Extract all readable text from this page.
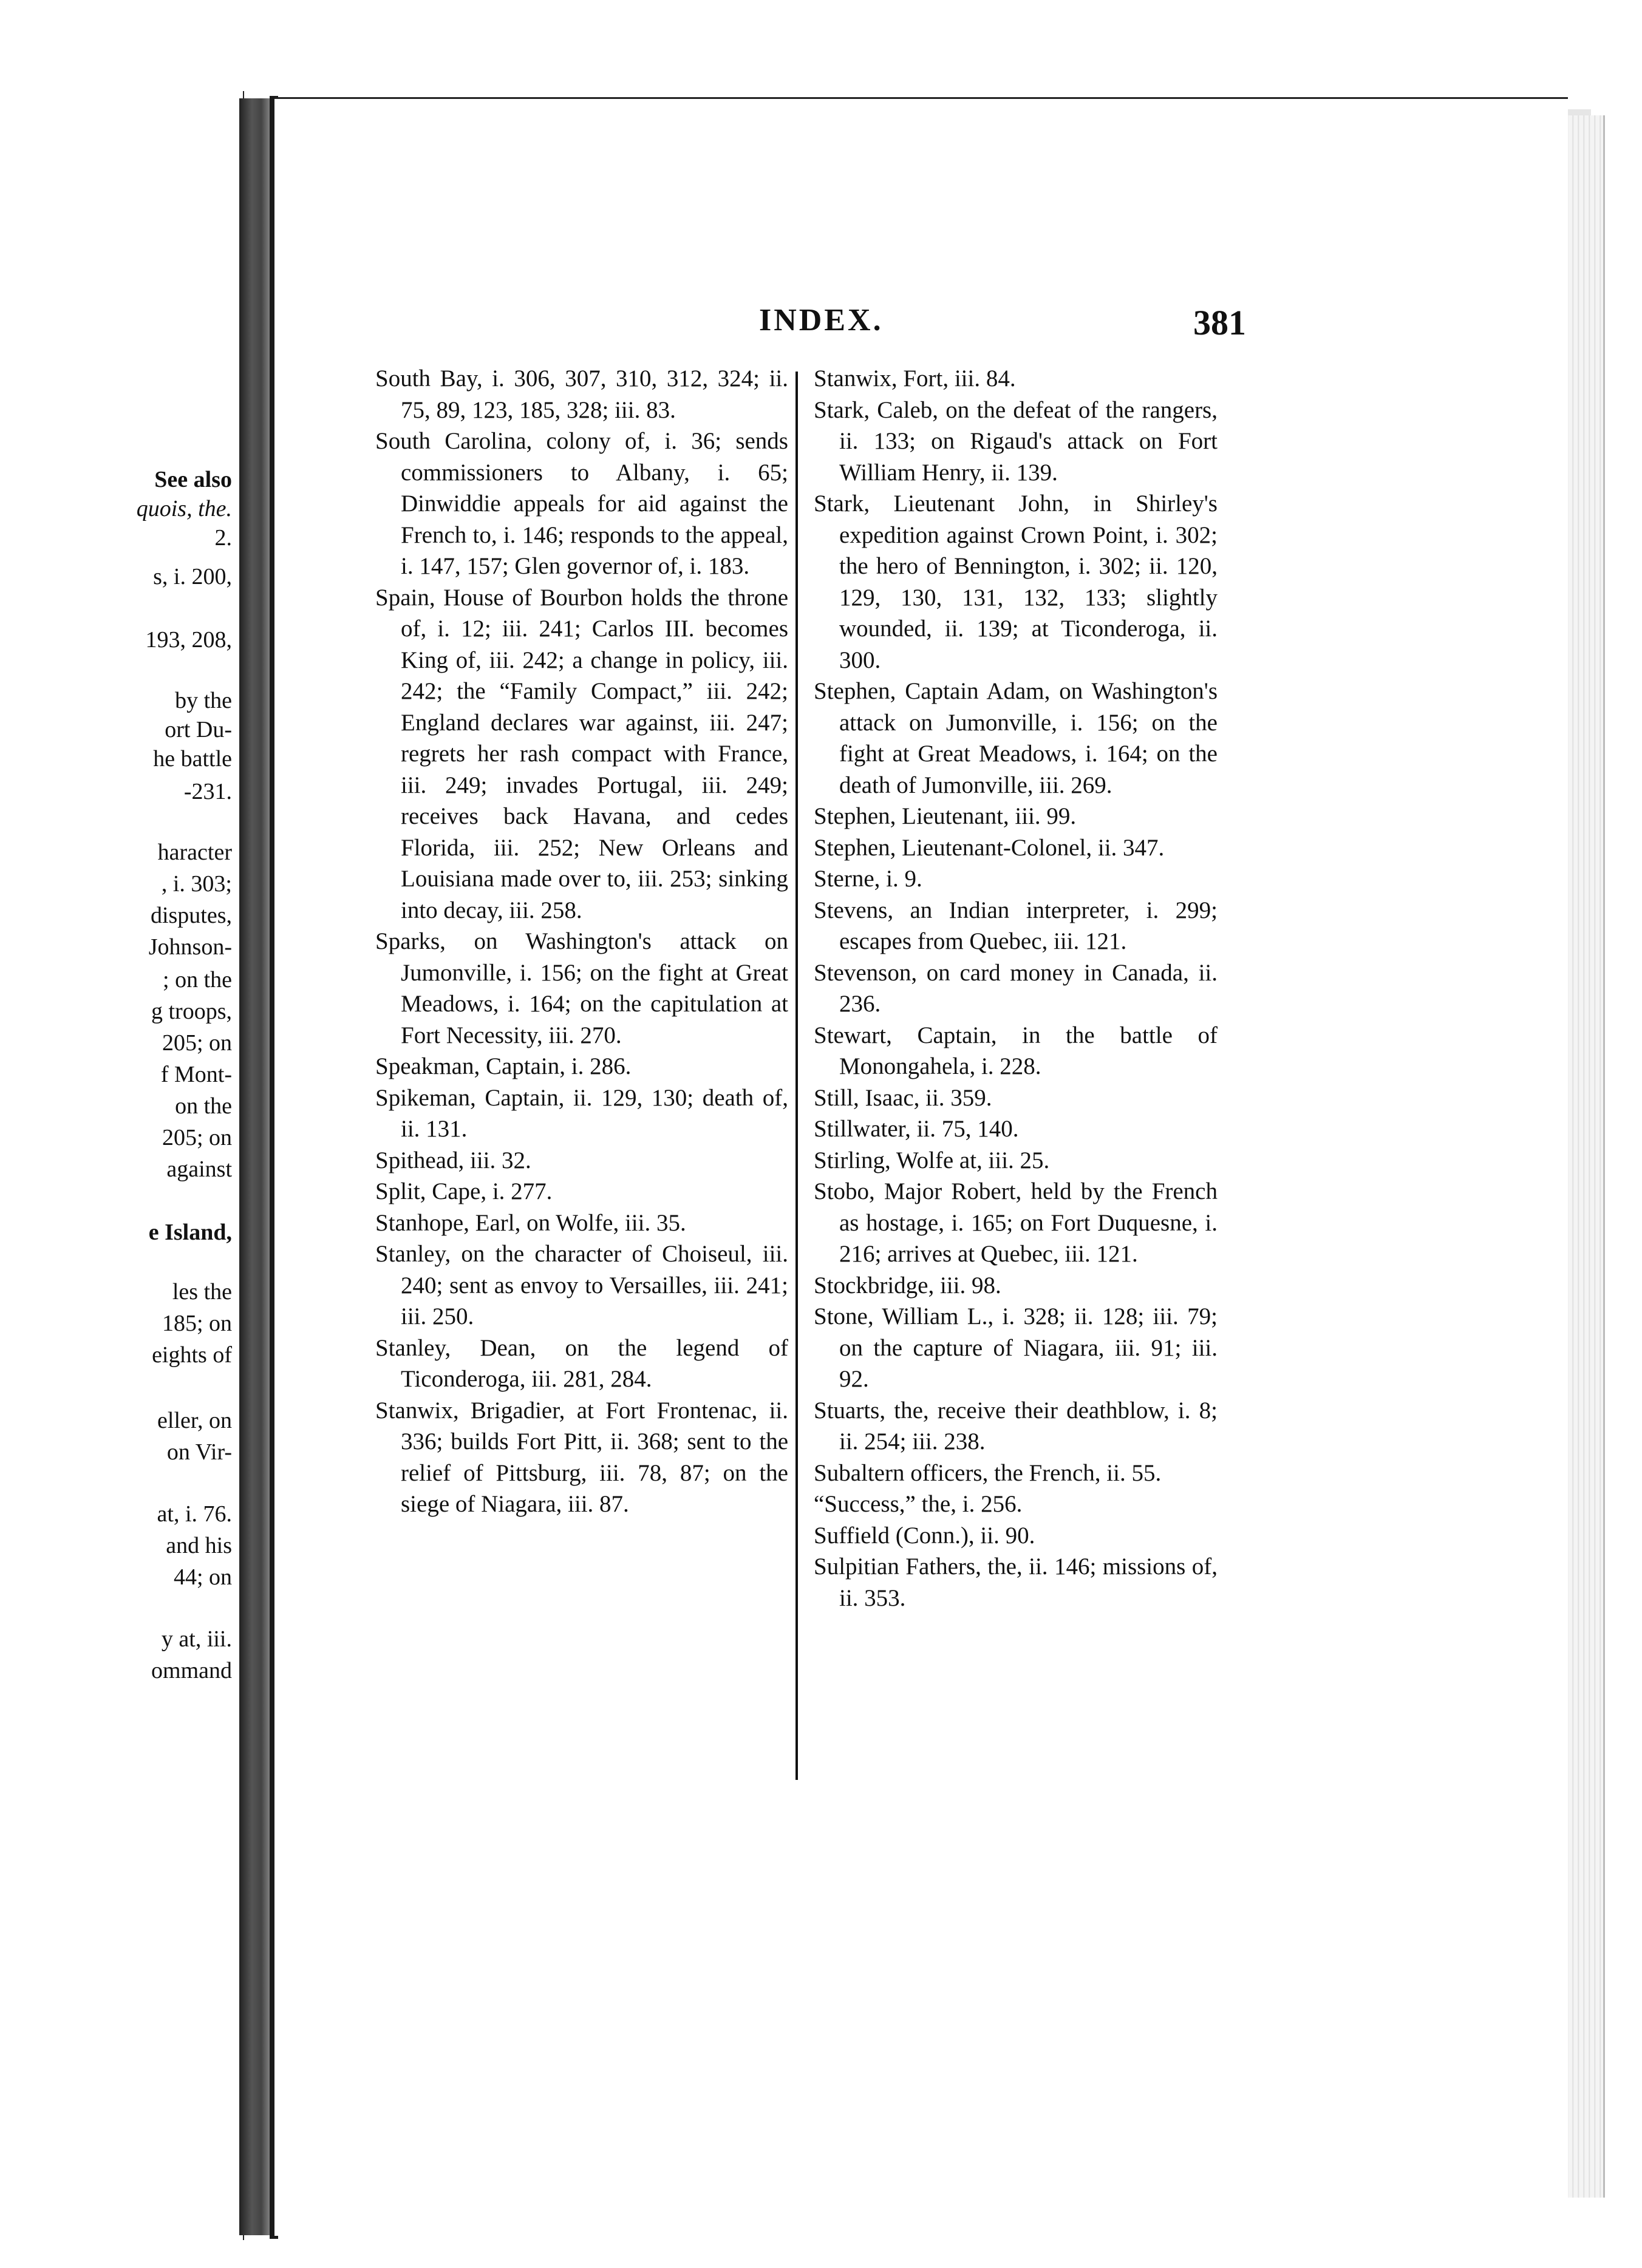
See also
quois, the.
2.
s, i. 200,
193, 208,
by the
ort Du-
he battle
-231.
haracter
, i. 303;
disputes,
Johnson-
; on the
g troops,
205; on
f Mont-
on the
205; on
against
e Island,
les the
185; on
eights of
eller, on
on Vir-
at, i. 76.
and his
44; on
y at, iii.
ommand
INDEX.	381

South Bay, i. 306, 307, 310, 312, 324; ii. 75, 89, 123, 185, 328; iii. 83.

South Carolina, colony of, i. 36; sends commissioners to Albany, i. 65; Dinwiddie appeals for aid against the French to, i. 146; responds to the appeal, i. 147, 157; Glen governor of, i. 183.

Spain, House of Bourbon holds the throne of, i. 12; iii. 241; Carlos III. becomes King of, iii. 242; a change in policy, iii. 242; the “Family Compact,” iii. 242; England declares war against, iii. 247; regrets her rash compact with France, iii. 249; invades Portugal, iii. 249; receives back Havana, and cedes Florida, iii. 252; New Orleans and Louisiana made over to, iii. 253; sinking into decay, iii. 258.

Sparks, on Washington's attack on Jumonville, i. 156; on the fight at Great Meadows, i. 164; on the capitulation at Fort Necessity, iii. 270.

Speakman, Captain, i. 286.

Spikeman, Captain, ii. 129, 130; death of, ii. 131.

Spithead, iii. 32.

Split, Cape, i. 277.

Stanhope, Earl, on Wolfe, iii. 35.

Stanley, on the character of Choiseul, iii. 240; sent as envoy to Versailles, iii. 241; iii. 250.

Stanley, Dean, on the legend of Ticonderoga, iii. 281, 284.

Stanwix, Brigadier, at Fort Frontenac, ii. 336; builds Fort Pitt, ii. 368; sent to the relief of Pittsburg, iii. 78, 87; on the siege of Niagara, iii. 87.

Stanwix, Fort, iii. 84.

Stark, Caleb, on the defeat of the rangers, ii. 133; on Rigaud's attack on Fort William Henry, ii. 139.

Stark, Lieutenant John, in Shirley's expedition against Crown Point, i. 302; the hero of Bennington, i. 302; ii. 120, 129, 130, 131, 132, 133; slightly wounded, ii. 139; at Ticonderoga, ii. 300.

Stephen, Captain Adam, on Washington's attack on Jumonville, i. 156; on the fight at Great Meadows, i. 164; on the death of Jumonville, iii. 269.

Stephen, Lieutenant, iii. 99.

Stephen, Lieutenant-Colonel, ii. 347.

Sterne, i. 9.

Stevens, an Indian interpreter, i. 299; escapes from Quebec, iii. 121.

Stevenson, on card money in Canada, ii. 236.

Stewart, Captain, in the battle of Monongahela, i. 228.

Still, Isaac, ii. 359.

Stillwater, ii. 75, 140.

Stirling, Wolfe at, iii. 25.

Stobo, Major Robert, held by the French as hostage, i. 165; on Fort Duquesne, i. 216; arrives at Quebec, iii. 121.

Stockbridge, iii. 98.

Stone, William L., i. 328; ii. 128; iii. 79; on the capture of Niagara, iii. 91; iii. 92.

Stuarts, the, receive their deathblow, i. 8; ii. 254; iii. 238.

Subaltern officers, the French, ii. 55.

“Success,” the, i. 256.

Suffield (Conn.), ii. 90.

Sulpitian Fathers, the, ii. 146; missions of, ii. 353.
